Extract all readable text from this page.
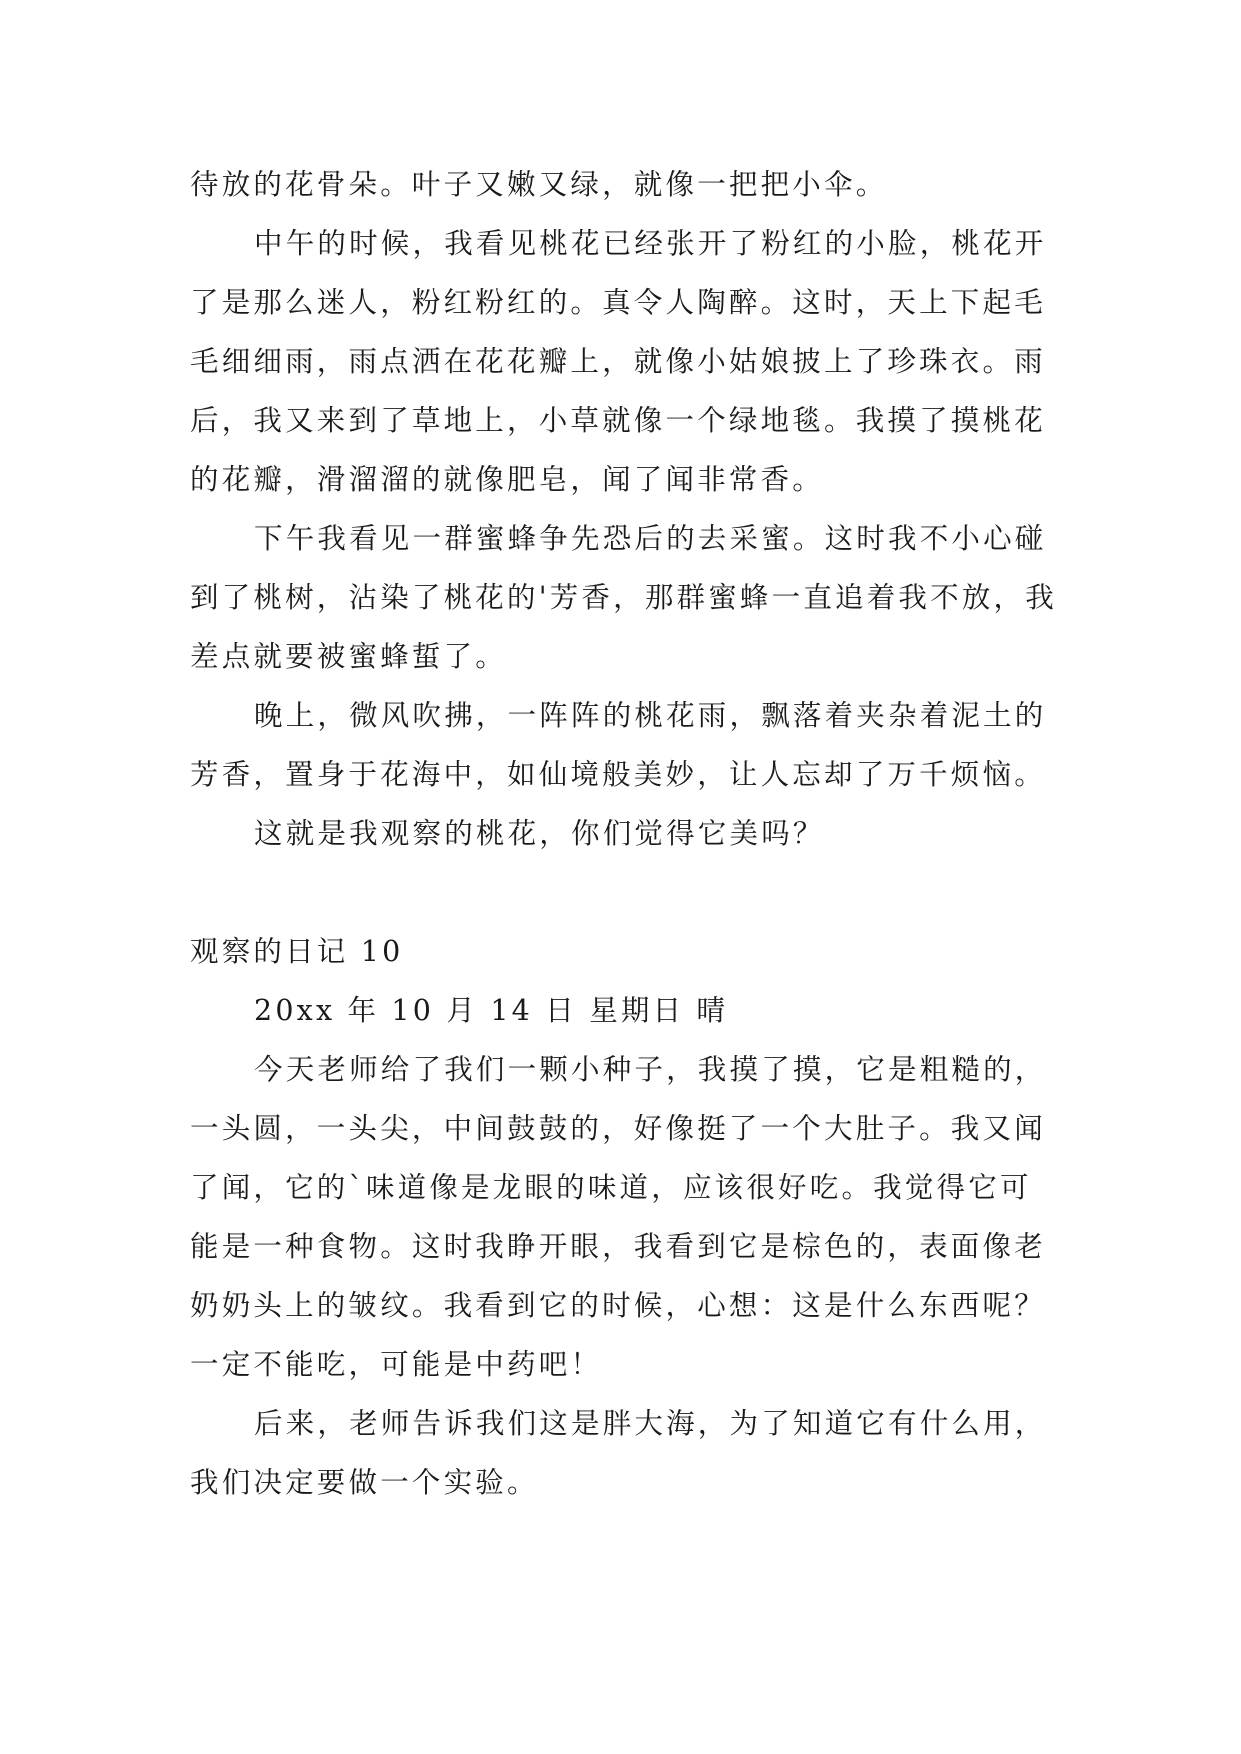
待放的花骨朵。叶子又嫩又绿，就像一把把小伞。

中午的时候，我看见桃花已经张开了粉红的小脸，桃花开了是那么迷人，粉红粉红的。真令人陶醉。这时，天上下起毛毛细细雨，雨点洒在花花瓣上，就像小姑娘披上了珍珠衣。雨后，我又来到了草地上，小草就像一个绿地毯。我摸了摸桃花的花瓣，滑溜溜的就像肥皂，闻了闻非常香。

下午我看见一群蜜蜂争先恐后的去采蜜。这时我不小心碰到了桃树，沾染了桃花的'芳香，那群蜜蜂一直追着我不放，我差点就要被蜜蜂蜇了。

晚上，微风吹拂，一阵阵的桃花雨，飘落着夹杂着泥土的芳香，置身于花海中，如仙境般美妙，让人忘却了万千烦恼。

这就是我观察的桃花，你们觉得它美吗？

观察的日记 10

20xx 年 10 月 14 日 星期日 晴

今天老师给了我们一颗小种子，我摸了摸，它是粗糙的，一头圆，一头尖，中间鼓鼓的，好像挺了一个大肚子。我又闻了闻，它的`味道像是龙眼的味道，应该很好吃。我觉得它可能是一种食物。这时我睁开眼，我看到它是棕色的，表面像老奶奶头上的皱纹。我看到它的时候，心想：这是什么东西呢？一定不能吃，可能是中药吧！

后来，老师告诉我们这是胖大海，为了知道它有什么用，我们决定要做一个实验。
